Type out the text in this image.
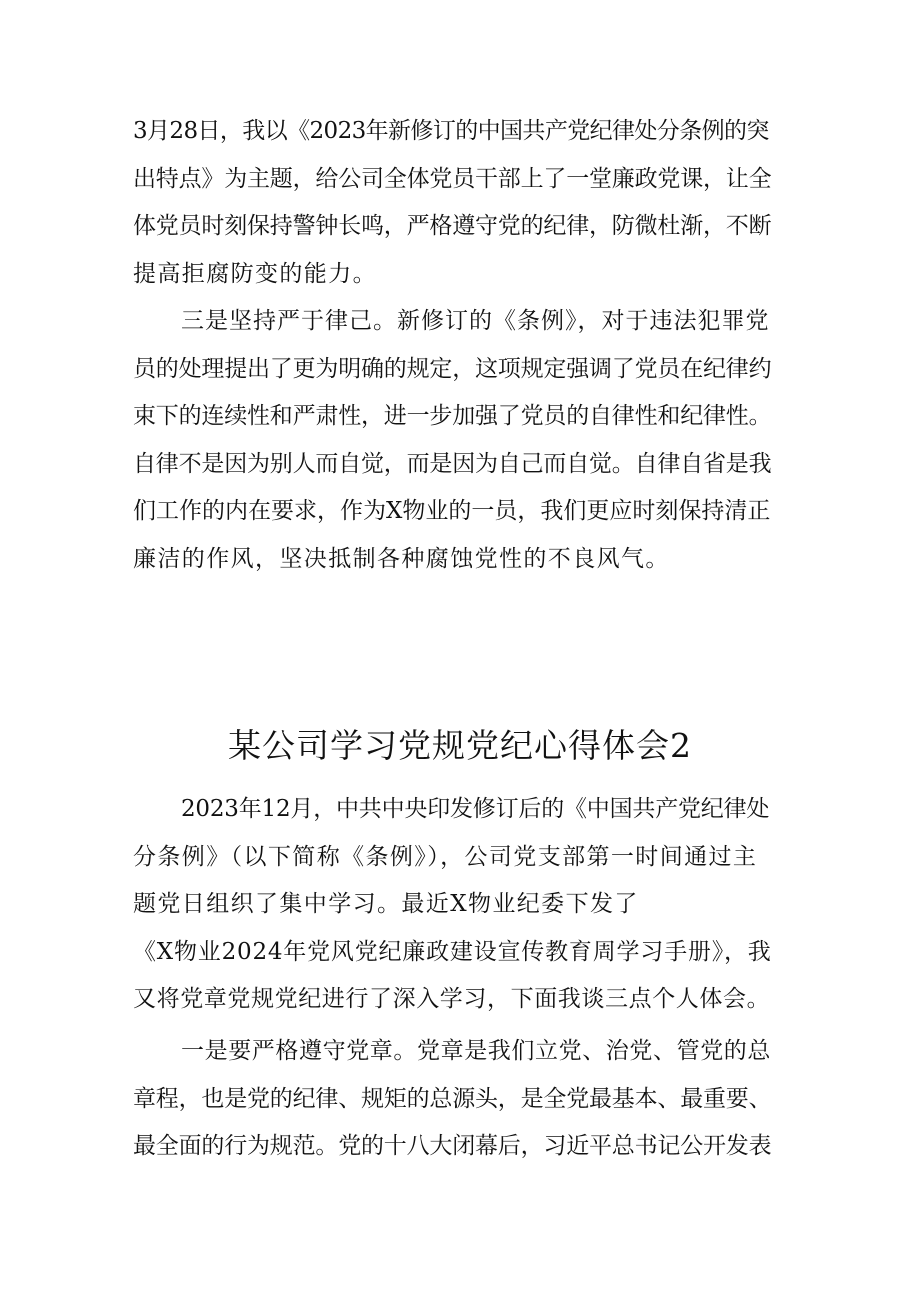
3月28日，我以《2023年新修订的中国共产党纪律处分条例的突
出特点》为主题，给公司全体党员干部上了一堂廉政党课，让全
体党员时刻保持警钟长鸣，严格遵守党的纪律，防微杜渐，不断
提高拒腐防变的能力。
三是坚持严于律己。新修订的《条例》，对于违法犯罪党
员的处理提出了更为明确的规定，这项规定强调了党员在纪律约
束下的连续性和严肃性，进一步加强了党员的自律性和纪律性。
自律不是因为别人而自觉，而是因为自己而自觉。自律自省是我
们工作的内在要求，作为X物业的一员，我们更应时刻保持清正
廉洁的作风，坚决抵制各种腐蚀党性的不良风气。
某公司学习党规党纪心得体会2
2023年12月，中共中央印发修订后的《中国共产党纪律处
分条例》（以下简称《条例》），公司党支部第一时间通过主
题党日组织了集中学习。最近X物业纪委下发了
《X物业2024年党风党纪廉政建设宣传教育周学习手册》，我
又将党章党规党纪进行了深入学习，下面我谈三点个人体会。
一是要严格遵守党章。党章是我们立党、治党、管党的总
章程，也是党的纪律、规矩的总源头，是全党最基本、最重要、
最全面的行为规范。党的十八大闭幕后，习近平总书记公开发表
